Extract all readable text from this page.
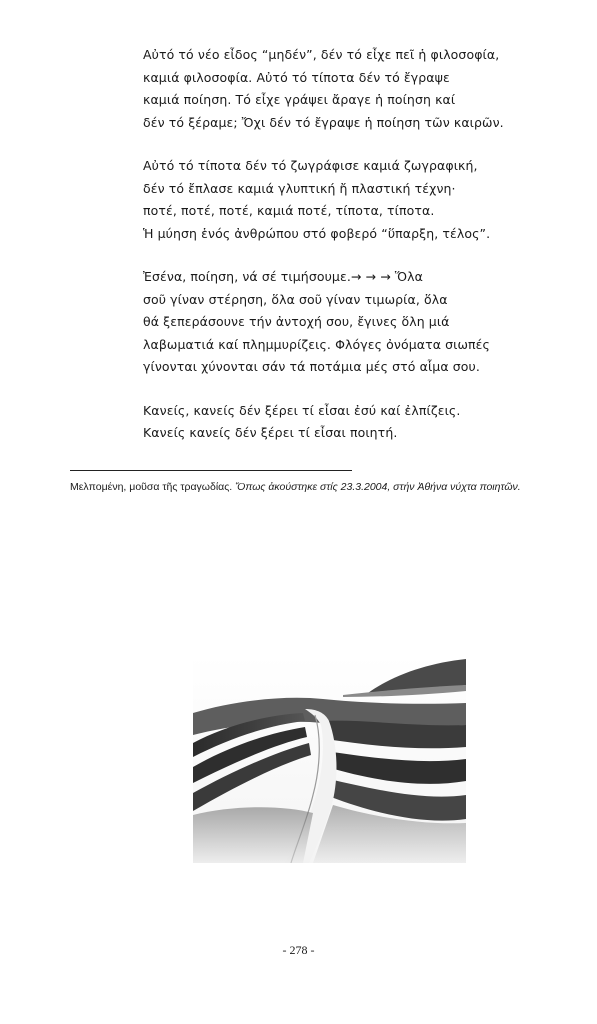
Αὐτό τό νέο εἶδος “μηδέν”, δέν τό εἶχε πεῖ ἡ φιλοσοφία,
καμιά φιλοσοφία. Αὐτό τό τίποτα δέν τό ἔγραψε
καμιά ποίηση. Τό εἶχε γράψει ἄραγε ἡ ποίηση καί
δέν τό ξέραμε; Ὄχι δέν τό ἔγραψε ἡ ποίηση τῶν καιρῶν.
Αὐτό τό τίποτα δέν τό ζωγράφισε καμιά ζωγραφική,
δέν τό ἔπλασε καμιά γλυπτική ἤ πλαστική τέχνη·
ποτέ, ποτέ, ποτέ, καμιά ποτέ, τίποτα, τίποτα.
Ἡ μύηση ἑνός ἀνθρώπου στό φοβερό “ὕπαρξη, τέλος”.
Ἐσένα, ποίηση, νά σέ τιμήσουμε.→ → → Ὅλα
σοῦ γίναν στέρηση, ὅλα σοῦ γίναν τιμωρία, ὅλα
θά ξεπεράσουνε τήν ἀντοχή σου, ἔγινες ὅλη μιά
λαβωματιά καί πλημμυρίζεις. Φλόγες ὀνόματα σιωπές
γίνονται χύνονται σάν τά ποτάμια μές στό αἷμα σου.
Κανείς, κανείς δέν ξέρει τί εἶσαι ἐσύ καί ἐλπίζεις.
Κανείς κανείς δέν ξέρει τί εἶσαι ποιητή.
Μελπομένη, μοῦσα τῆς τραγωδίας. Ὅπως ἀκούστηκε στίς 23.3.2004, στήν Ἀθήνα νύχτα ποιητῶν.
- 278 -
